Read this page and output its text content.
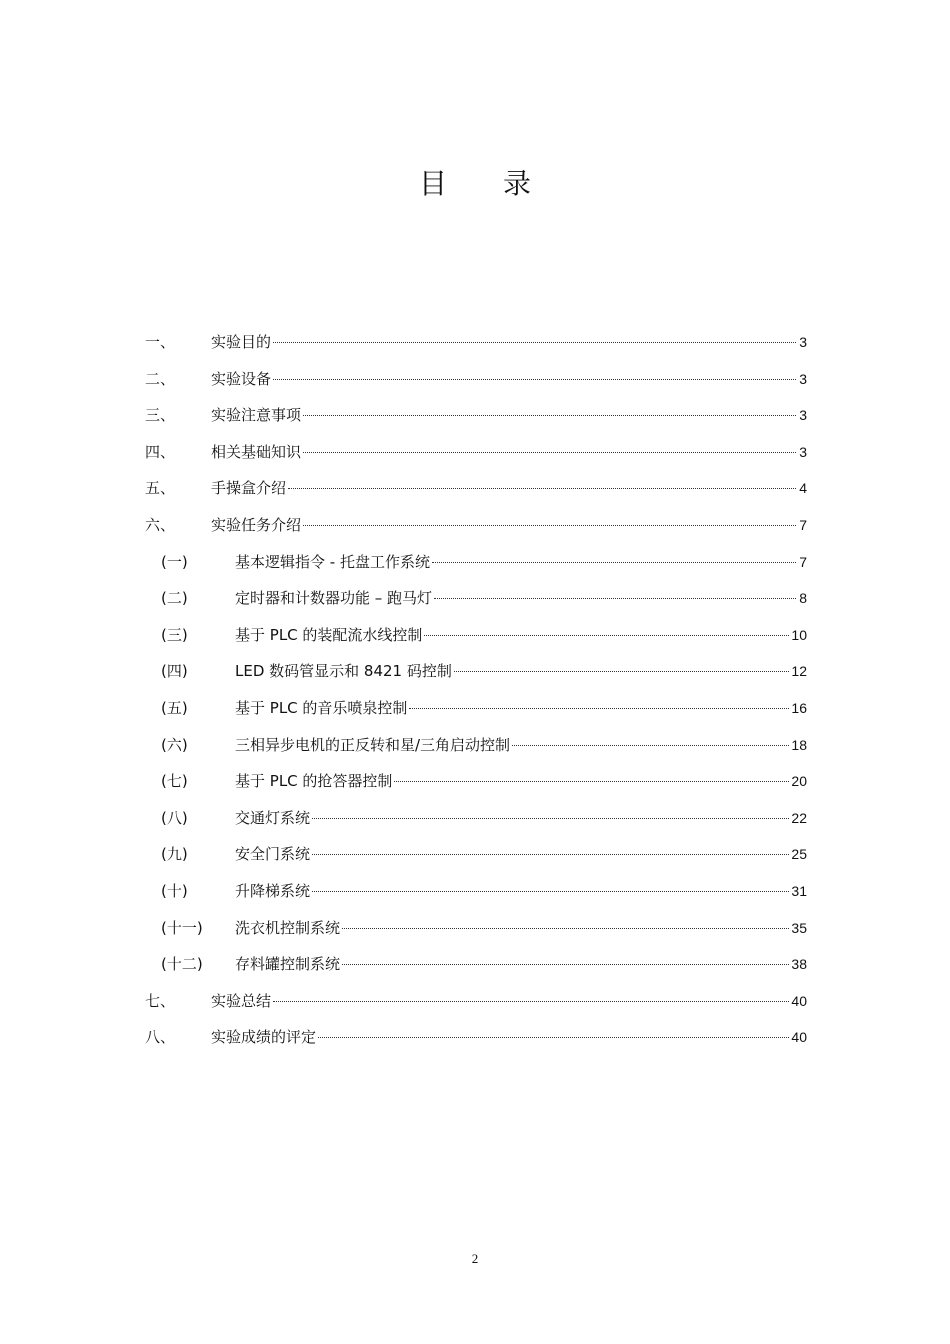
目录
一、	实验目的	3
二、	实验设备	3
三、	实验注意事项	3
四、	相关基础知识	3
五、	手操盒介绍	4
六、	实验任务介绍	7
(一)	基本逻辑指令 - 托盘工作系统	7
(二)	定时器和计数器功能 – 跑马灯	8
(三)	基于 PLC 的装配流水线控制	10
(四)	LED 数码管显示和 8421 码控制	12
(五)	基于 PLC 的音乐喷泉控制	16
(六)	三相异步电机的正反转和星/三角启动控制	18
(七)	基于 PLC 的抢答器控制	20
(八)	交通灯系统	22
(九)	安全门系统	25
(十)	升降梯系统	31
(十一)	洗衣机控制系统	35
(十二)	存料罐控制系统	38
七、	实验总结	40
八、	实验成绩的评定	40
2
